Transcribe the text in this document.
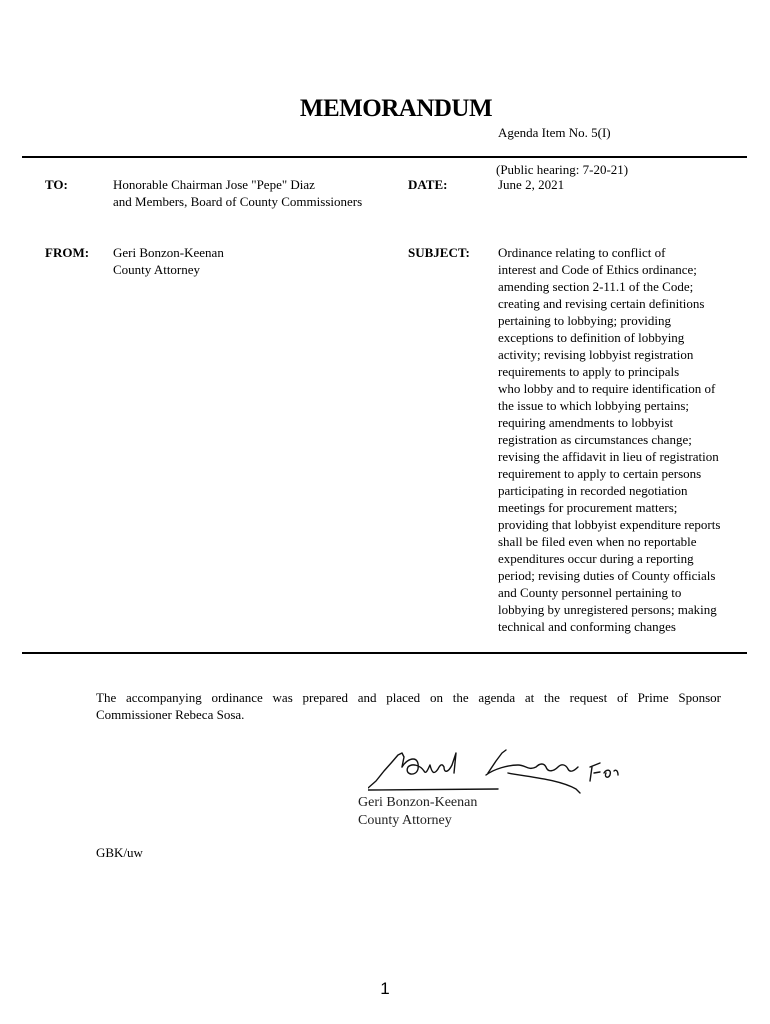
MEMORANDUM
Agenda Item No. 5(I)
(Public hearing: 7-20-21)
TO:	Honorable Chairman Jose "Pepe" Diaz
and Members, Board of County Commissioners
DATE:	June 2, 2021
FROM: Geri Bonzon-Keenan
County Attorney
SUBJECT: Ordinance relating to conflict of
interest and Code of Ethics ordinance;
amending section 2-11.1 of the Code;
creating and revising certain definitions
pertaining to lobbying; providing
exceptions to definition of lobbying
activity; revising lobbyist registration
requirements to apply to principals
who lobby and to require identification of
the issue to which lobbying pertains;
requiring amendments to lobbyist
registration as circumstances change;
revising the affidavit in lieu of registration
requirement to apply to certain persons
participating in recorded negotiation
meetings for procurement matters;
providing that lobbyist expenditure reports
shall be filed even when no reportable
expenditures occur during a reporting
period; revising duties of County officials
and County personnel pertaining to
lobbying by unregistered persons; making
technical and conforming changes
The accompanying ordinance was prepared and placed on the agenda at the request of Prime Sponsor
Commissioner Rebeca Sosa.
Geri Bonzon-Keenan
County Attorney
GBK/uw
1
